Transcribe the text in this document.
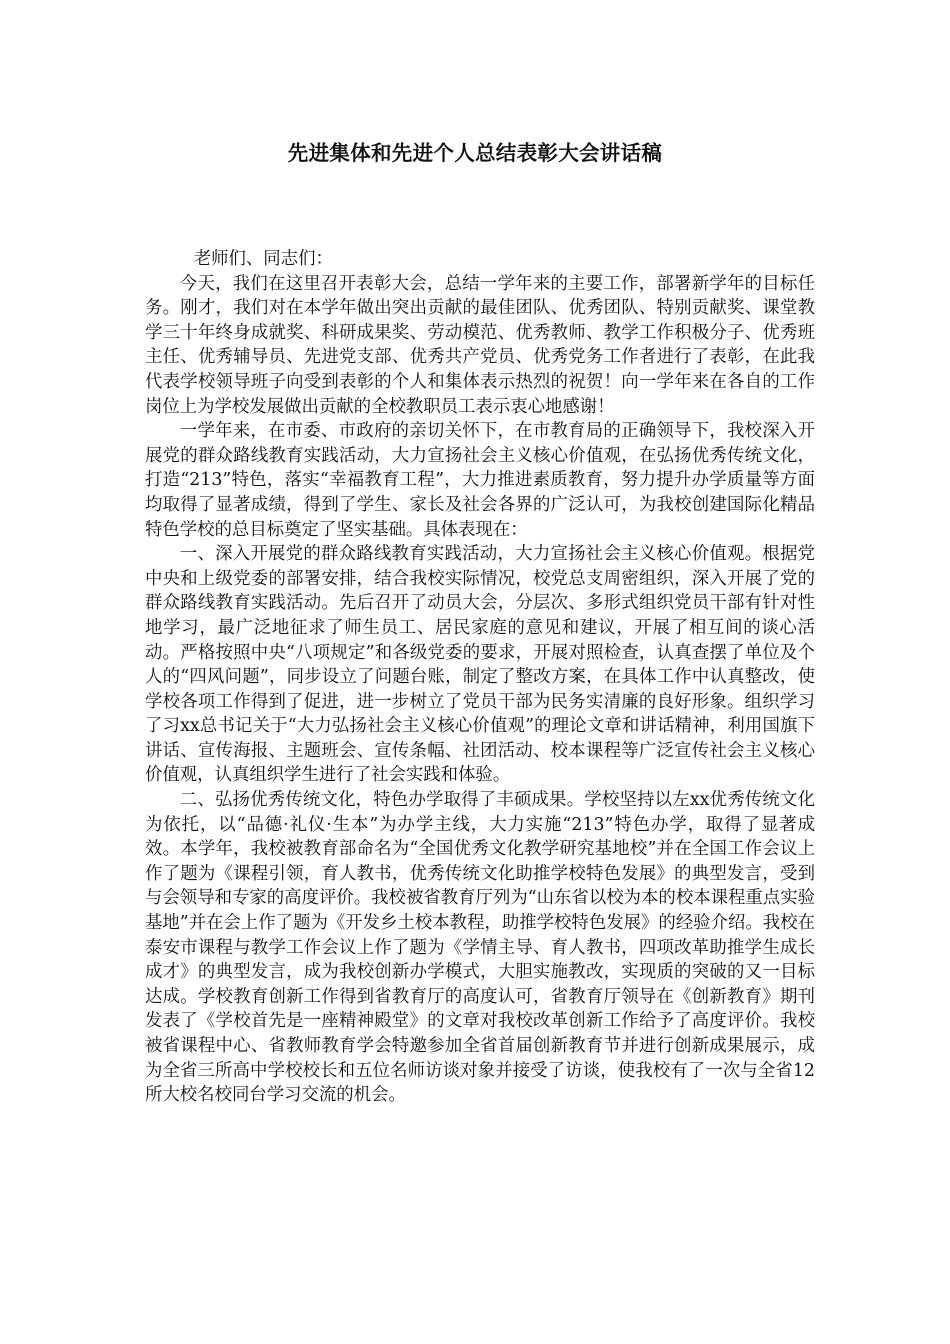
先进集体和先进个人总结表彰大会讲话稿

老师们、同志们：

今天，我们在这里召开表彰大会，总结一学年来的主要工作，部署新学年的目标任务。刚才，我们对在本学年做出突出贡献的最佳团队、优秀团队、特别贡献奖、课堂教学三十年终身成就奖、科研成果奖、劳动模范、优秀教师、教学工作积极分子、优秀班主任、优秀辅导员、先进党支部、优秀共产党员、优秀党务工作者进行了表彰，在此我代表学校领导班子向受到表彰的个人和集体表示热烈的祝贺！向一学年来在各自的工作岗位上为学校发展做出贡献的全校教职员工表示衷心地感谢！

一学年来，在市委、市政府的亲切关怀下，在市教育局的正确领导下，我校深入开展党的群众路线教育实践活动，大力宣扬社会主义核心价值观，在弘扬优秀传统文化，打造“213”特色，落实“幸福教育工程”，大力推进素质教育，努力提升办学质量等方面均取得了显著成绩，得到了学生、家长及社会各界的广泛认可，为我校创建国际化精品特色学校的总目标奠定了坚实基础。具体表现在：

一、深入开展党的群众路线教育实践活动，大力宣扬社会主义核心价值观。根据党中央和上级党委的部署安排，结合我校实际情况，校党总支周密组织，深入开展了党的群众路线教育实践活动。先后召开了动员大会，分层次、多形式组织党员干部有针对性地学习，最广泛地征求了师生员工、居民家庭的意见和建议，开展了相互间的谈心活动。严格按照中央“八项规定”和各级党委的要求，开展对照检查，认真查摆了单位及个人的“四风问题”，同步设立了问题台账，制定了整改方案，在具体工作中认真整改，使学校各项工作得到了促进，进一步树立了党员干部为民务实清廉的良好形象。组织学习了习xx总书记关于“大力弘扬社会主义核心价值观”的理论文章和讲话精神，利用国旗下讲话、宣传海报、主题班会、宣传条幅、社团活动、校本课程等广泛宣传社会主义核心价值观，认真组织学生进行了社会实践和体验。

二、弘扬优秀传统文化，特色办学取得了丰硕成果。学校坚持以左xx优秀传统文化为依托，以“品德·礼仪·生本”为办学主线，大力实施“213”特色办学，取得了显著成效。本学年，我校被教育部命名为“全国优秀文化教学研究基地校”并在全国工作会议上作了题为《课程引领，育人教书，优秀传统文化助推学校特色发展》的典型发言，受到与会领导和专家的高度评价。我校被省教育厅列为“山东省以校为本的校本课程重点实验基地”并在会上作了题为《开发乡土校本教程，助推学校特色发展》的经验介绍。我校在泰安市课程与教学工作会议上作了题为《学情主导、育人教书，四项改革助推学生成长成才》的典型发言，成为我校创新办学模式，大胆实施教改，实现质的突破的又一目标达成。学校教育创新工作得到省教育厅的高度认可，省教育厅领导在《创新教育》期刊发表了《学校首先是一座精神殿堂》的文章对我校改革创新工作给予了高度评价。我校被省课程中心、省教师教育学会特邀参加全省首届创新教育节并进行创新成果展示，成为全省三所高中学校校长和五位名师访谈对象并接受了访谈，使我校有了一次与全省12所大校名校同台学习交流的机会。
